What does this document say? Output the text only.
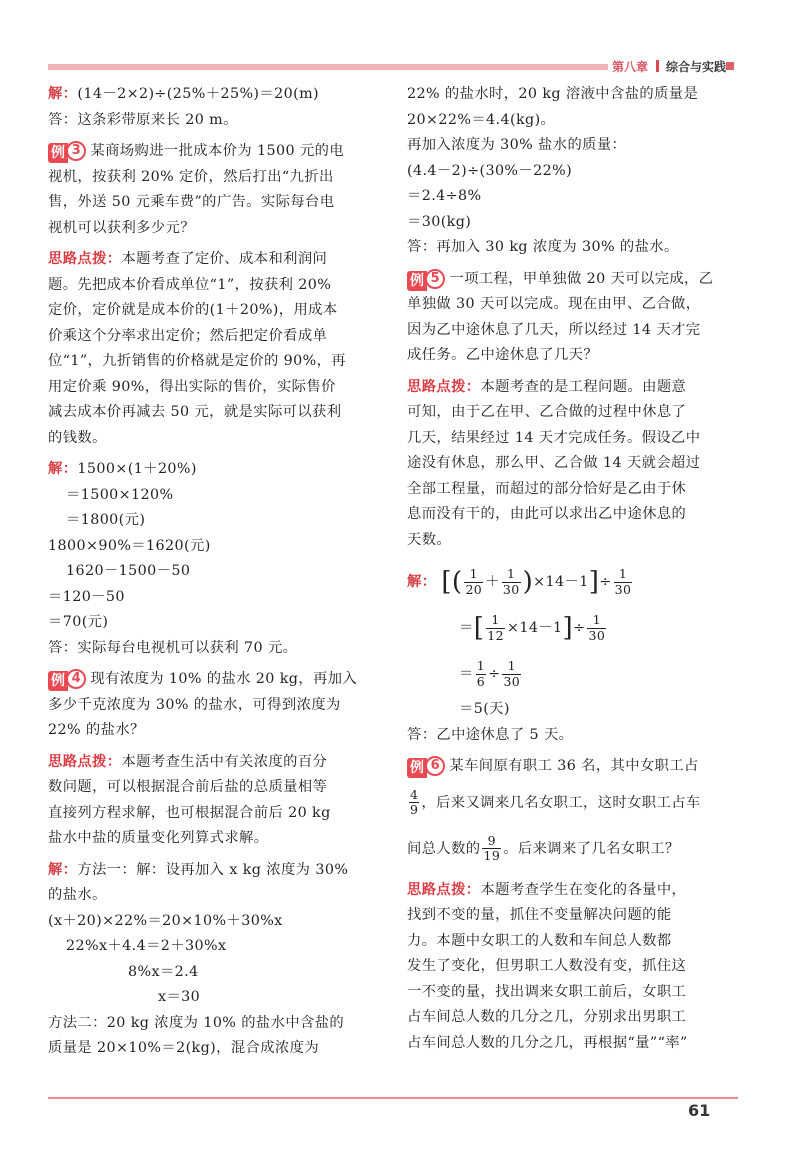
第八章 综合与实践
解：(14－2×2)÷(25%＋25%)＝20(m)
答：这条彩带原来长 20 m。
例 3 某商场购进一批成本价为 1500 元的电
视机，按获利 20% 定价，然后打出“九折出
售，外送 50 元乘车费”的广告。实际每台电
视机可以获利多少元？
思路点拨：本题考查了定价、成本和利润问
题。先把成本价看成单位“1”，按获利 20%
定价，定价就是成本价的(1＋20%)，用成本
价乘这个分率求出定价；然后把定价看成单
位“1”，九折销售的价格就是定价的 90%，再
用定价乘 90%，得出实际的售价，实际售价
减去成本价再减去 50 元，就是实际可以获利
的钱数。
解：1500×(1＋20%)
＝1500×120%
＝1800(元)
1800×90%＝1620(元)
1620－1500－50
＝120－50
＝70(元)
答：实际每台电视机可以获利 70 元。
例 4 现有浓度为 10% 的盐水 20 kg，再加入
多少千克浓度为 30% 的盐水，可得到浓度为
22% 的盐水？
思路点拨：本题考查生活中有关浓度的百分
数问题，可以根据混合前后盐的总质量相等
直接列方程求解，也可根据混合前后 20 kg
盐水中盐的质量变化列算式求解。
解：方法一：解：设再加入 x kg 浓度为 30%
的盐水。
(x＋20)×22%＝20×10%＋30%x
22%x＋4.4＝2＋30%x
8%x＝2.4
x＝30
方法二：20 kg 浓度为 10% 的盐水中含盐的
质量是 20×10%＝2(kg)，混合成浓度为
22% 的盐水时，20 kg 溶液中含盐的质量是
20×22%＝4.4(kg)。
再加入浓度为 30% 盐水的质量：
(4.4－2)÷(30%－22%)
＝2.4÷8%
＝30(kg)
答：再加入 30 kg 浓度为 30% 的盐水。
例 5 一项工程，甲单独做 20 天可以完成，乙
单独做 30 天可以完成。现在由甲、乙合做，
因为乙中途休息了几天，所以经过 14 天才完
成任务。乙中途休息了几天？
思路点拨：本题考查的是工程问题。由题意
可知，由于乙在甲、乙合做的过程中休息了
几天，结果经过 14 天才完成任务。假设乙中
途没有休息，那么甲、乙合做 14 天就会超过
全部工程量，而超过的部分恰好是乙由于休
息而没有干的，由此可以求出乙中途休息的
天数。
解： [( $\frac{1}{20} + \frac{1}{30} )\times 14-1]\div \frac{1}{30}$
＝[ $\frac{1}{12} \times 14-1]\div \frac{1}{30}$
＝ $\frac{1}{6} \div \frac{1}{30}$
＝5(天)
答：乙中途休息了 5 天。
例 6 某车间原有职工 36 名，其中女职工占
$\frac{4}{9}$ ，后来又调来几名女职工，这时女职工占车
间总人数的 $\frac{9}{19}$ 。后来调来了几名女职工？
思路点拨：本题考查学生在变化的各量中，
找到不变的量，抓住不变量解决问题的能
力。本题中女职工的人数和车间总人数都
发生了变化，但男职工人数没有变，抓住这
一不变的量，找出调来女职工前后，女职工
占车间总人数的几分之几，分别求出男职工
占车间总人数的几分之几，再根据“量”“率”
61
